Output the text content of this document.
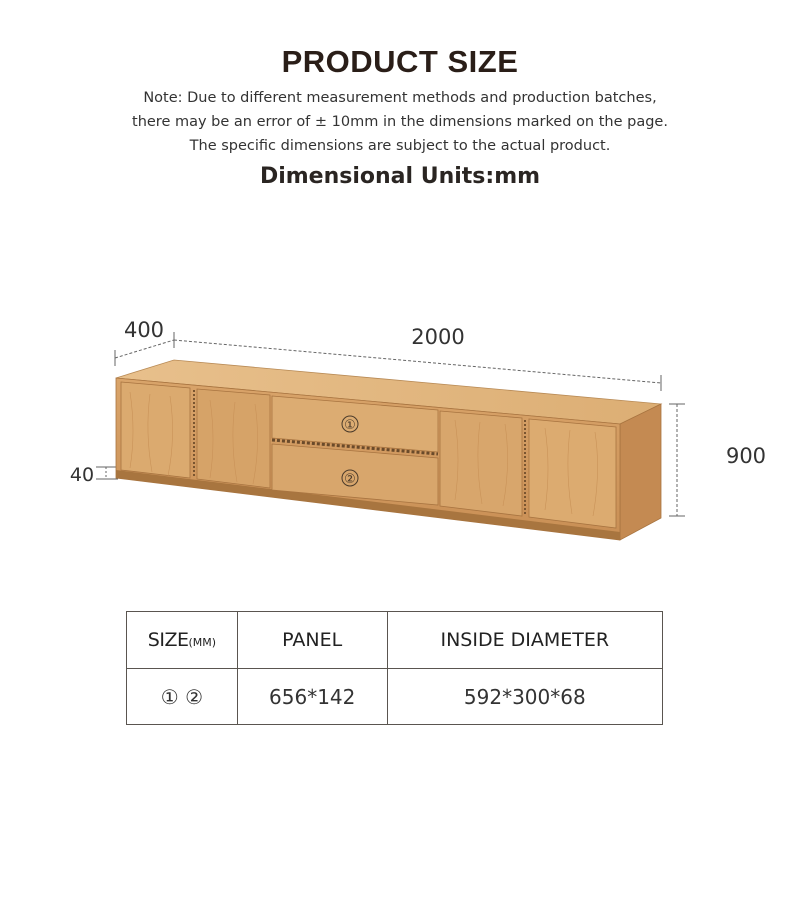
PRODUCT SIZE
Note: Due to different measurement methods and production batches,
there may be an error of ± 10mm in the dimensions marked on the page.
The specific dimensions are subject to the actual product.
Dimensional Units:mm
400	2000
900
40
①
②
SIZE(MM)	PANEL	INSIDE DIAMETER
① ②	656*142	592*300*68
